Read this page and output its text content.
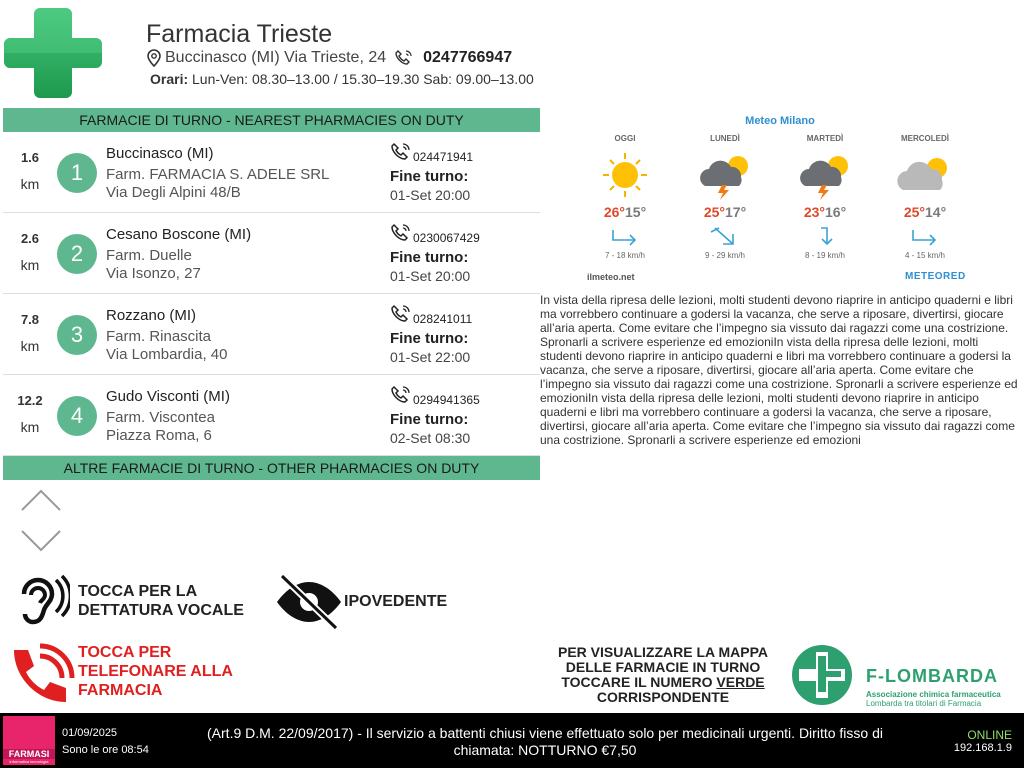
Farmacia Trieste
Buccinasco (MI) Via Trieste, 24 0247766947
Orari: Lun-Ven: 08.30–13.00 / 15.30–19.30 Sab: 09.00–13.00
FARMACIE DI TURNO - NEAREST PHARMACIES ON DUTY
1.6
km	1
Buccinasco (MI)
Farm. FARMACIA S. ADELE SRL
Via Degli Alpini 48/B
024471941
Fine turno:
01-Set 20:00
2.6
km	2
Cesano Boscone (MI)
Farm. Duelle
Via Isonzo, 27
0230067429
Fine turno:
01-Set 20:00
7.8
km	3
Rozzano (MI)
Farm. Rinascita
Via Lombardia, 40
028241011
Fine turno:
01-Set 22:00
12.2
km	4
Gudo Visconti (MI)
Farm. Viscontea
Piazza Roma, 6
0294941365
Fine turno:
02-Set 08:30
ALTRE FARMACIE DI TURNO - OTHER PHARMACIES ON DUTY
TOCCA PER LA
DETTATURA VOCALE
IPOVEDENTE
TOCCA PER
TELEFONARE ALLA
FARMACIA
Meteo Milano
OGGI
26°15°
7 - 18 km/h
LUNEDÌ
25°17°
9 - 29 km/h
MARTEDÌ
23°16°
8 - 19 km/h
MERCOLEDÌ
25°14°
4 - 15 km/h
ilmeteo.net	METEORED
In vista della ripresa delle lezioni, molti studenti devono riaprire in anticipo quaderni e libri ma vorrebbero continuare a godersi la vacanza, che serve a riposare, divertirsi, giocare all’aria aperta. Come evitare che l’impegno sia vissuto dai ragazzi come una costrizione. Spronarli a scrivere esperienze ed emozioniIn vista della ripresa delle lezioni, molti studenti devono riaprire in anticipo quaderni e libri ma vorrebbero continuare a godersi la vacanza, che serve a riposare, divertirsi, giocare all’aria aperta. Come evitare che l’impegno sia vissuto dai ragazzi come una costrizione. Spronarli a scrivere esperienze ed emozioniIn vista della ripresa delle lezioni, molti studenti devono riaprire in anticipo quaderni e libri ma vorrebbero continuare a godersi la vacanza, che serve a riposare, divertirsi, giocare all’aria aperta. Come evitare che l’impegno sia vissuto dai ragazzi come una costrizione. Spronarli a scrivere esperienze ed emozioni
PER VISUALIZZARE LA MAPPA
DELLE FARMACIE IN TURNO
TOCCARE IL NUMERO VERDE
CORRISPONDENTE
F-LOMBARDA
Associazione chimica farmaceutica
Lombarda tra titolari di Farmacia
FARMASI
informatica tecnologia
01/09/2025
Sono le ore 08:54
(Art.9 D.M. 22/09/2017) - Il servizio a battenti chiusi viene effettuato solo per medicinali urgenti. Diritto fisso di chiamata: NOTTURNO €7,50
ONLINE
192.168.1.9
